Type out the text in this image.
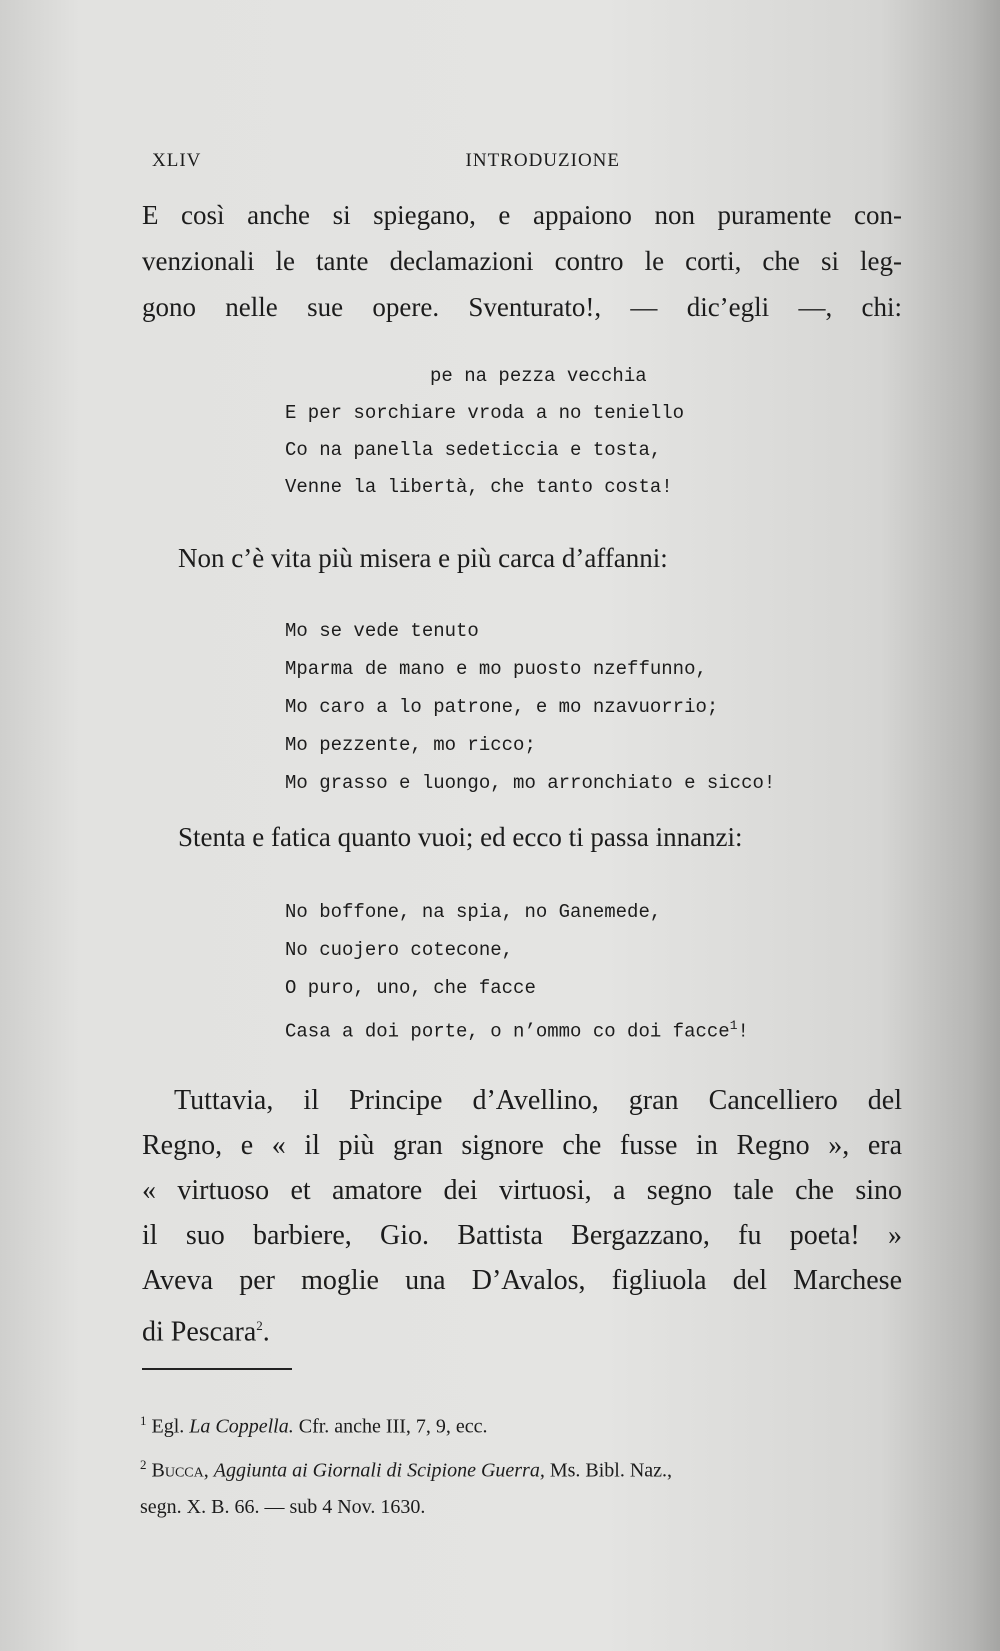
XLIV	INTRODUZIONE
E così anche si spiegano, e appaiono non puramente con-
venzionali le tante declamazioni contro le corti, che si leg-
gono nelle sue opere. Sventurato!, — dic’egli —, chi:
pe na pezza vecchia
E per sorchiare vroda a no teniello
Co na panella sedeticcia e tosta,
Venne la libertà, che tanto costa!
Non c’è vita più misera e più carca d’affanni:
Mo se vede tenuto
Mparma de mano e mo puosto nzeffunno,
Mo caro a lo patrone, e mo nzavuorrio;
Mo pezzente, mo ricco;
Mo grasso e luongo, mo arronchiato e sicco!
Stenta e fatica quanto vuoi; ed ecco ti passa innanzi:
No boffone, na spia, no Ganemede,
No cuojero cotecone,
O puro, uno, che facce
Casa a doi porte, o n’ommo co doi facce$^1$!
Tuttavia, il Principe d’Avellino, gran Cancelliero del
Regno, e « il più gran signore che fusse in Regno », era
« virtuoso et amatore dei virtuosi, a segno tale che sino
il suo barbiere, Gio. Battista Bergazzano, fu poeta! »
Aveva per moglie una D’Avalos, figliuola del Marchese
di Pescara$^2$.
$^1$ Egl. La Coppella. Cfr. anche III, 7, 9, ecc.
$^2$ Bucca, Aggiunta ai Giornali di Scipione Guerra, Ms. Bibl. Naz.,
segn. X. B. 66. — sub 4 Nov. 1630.
